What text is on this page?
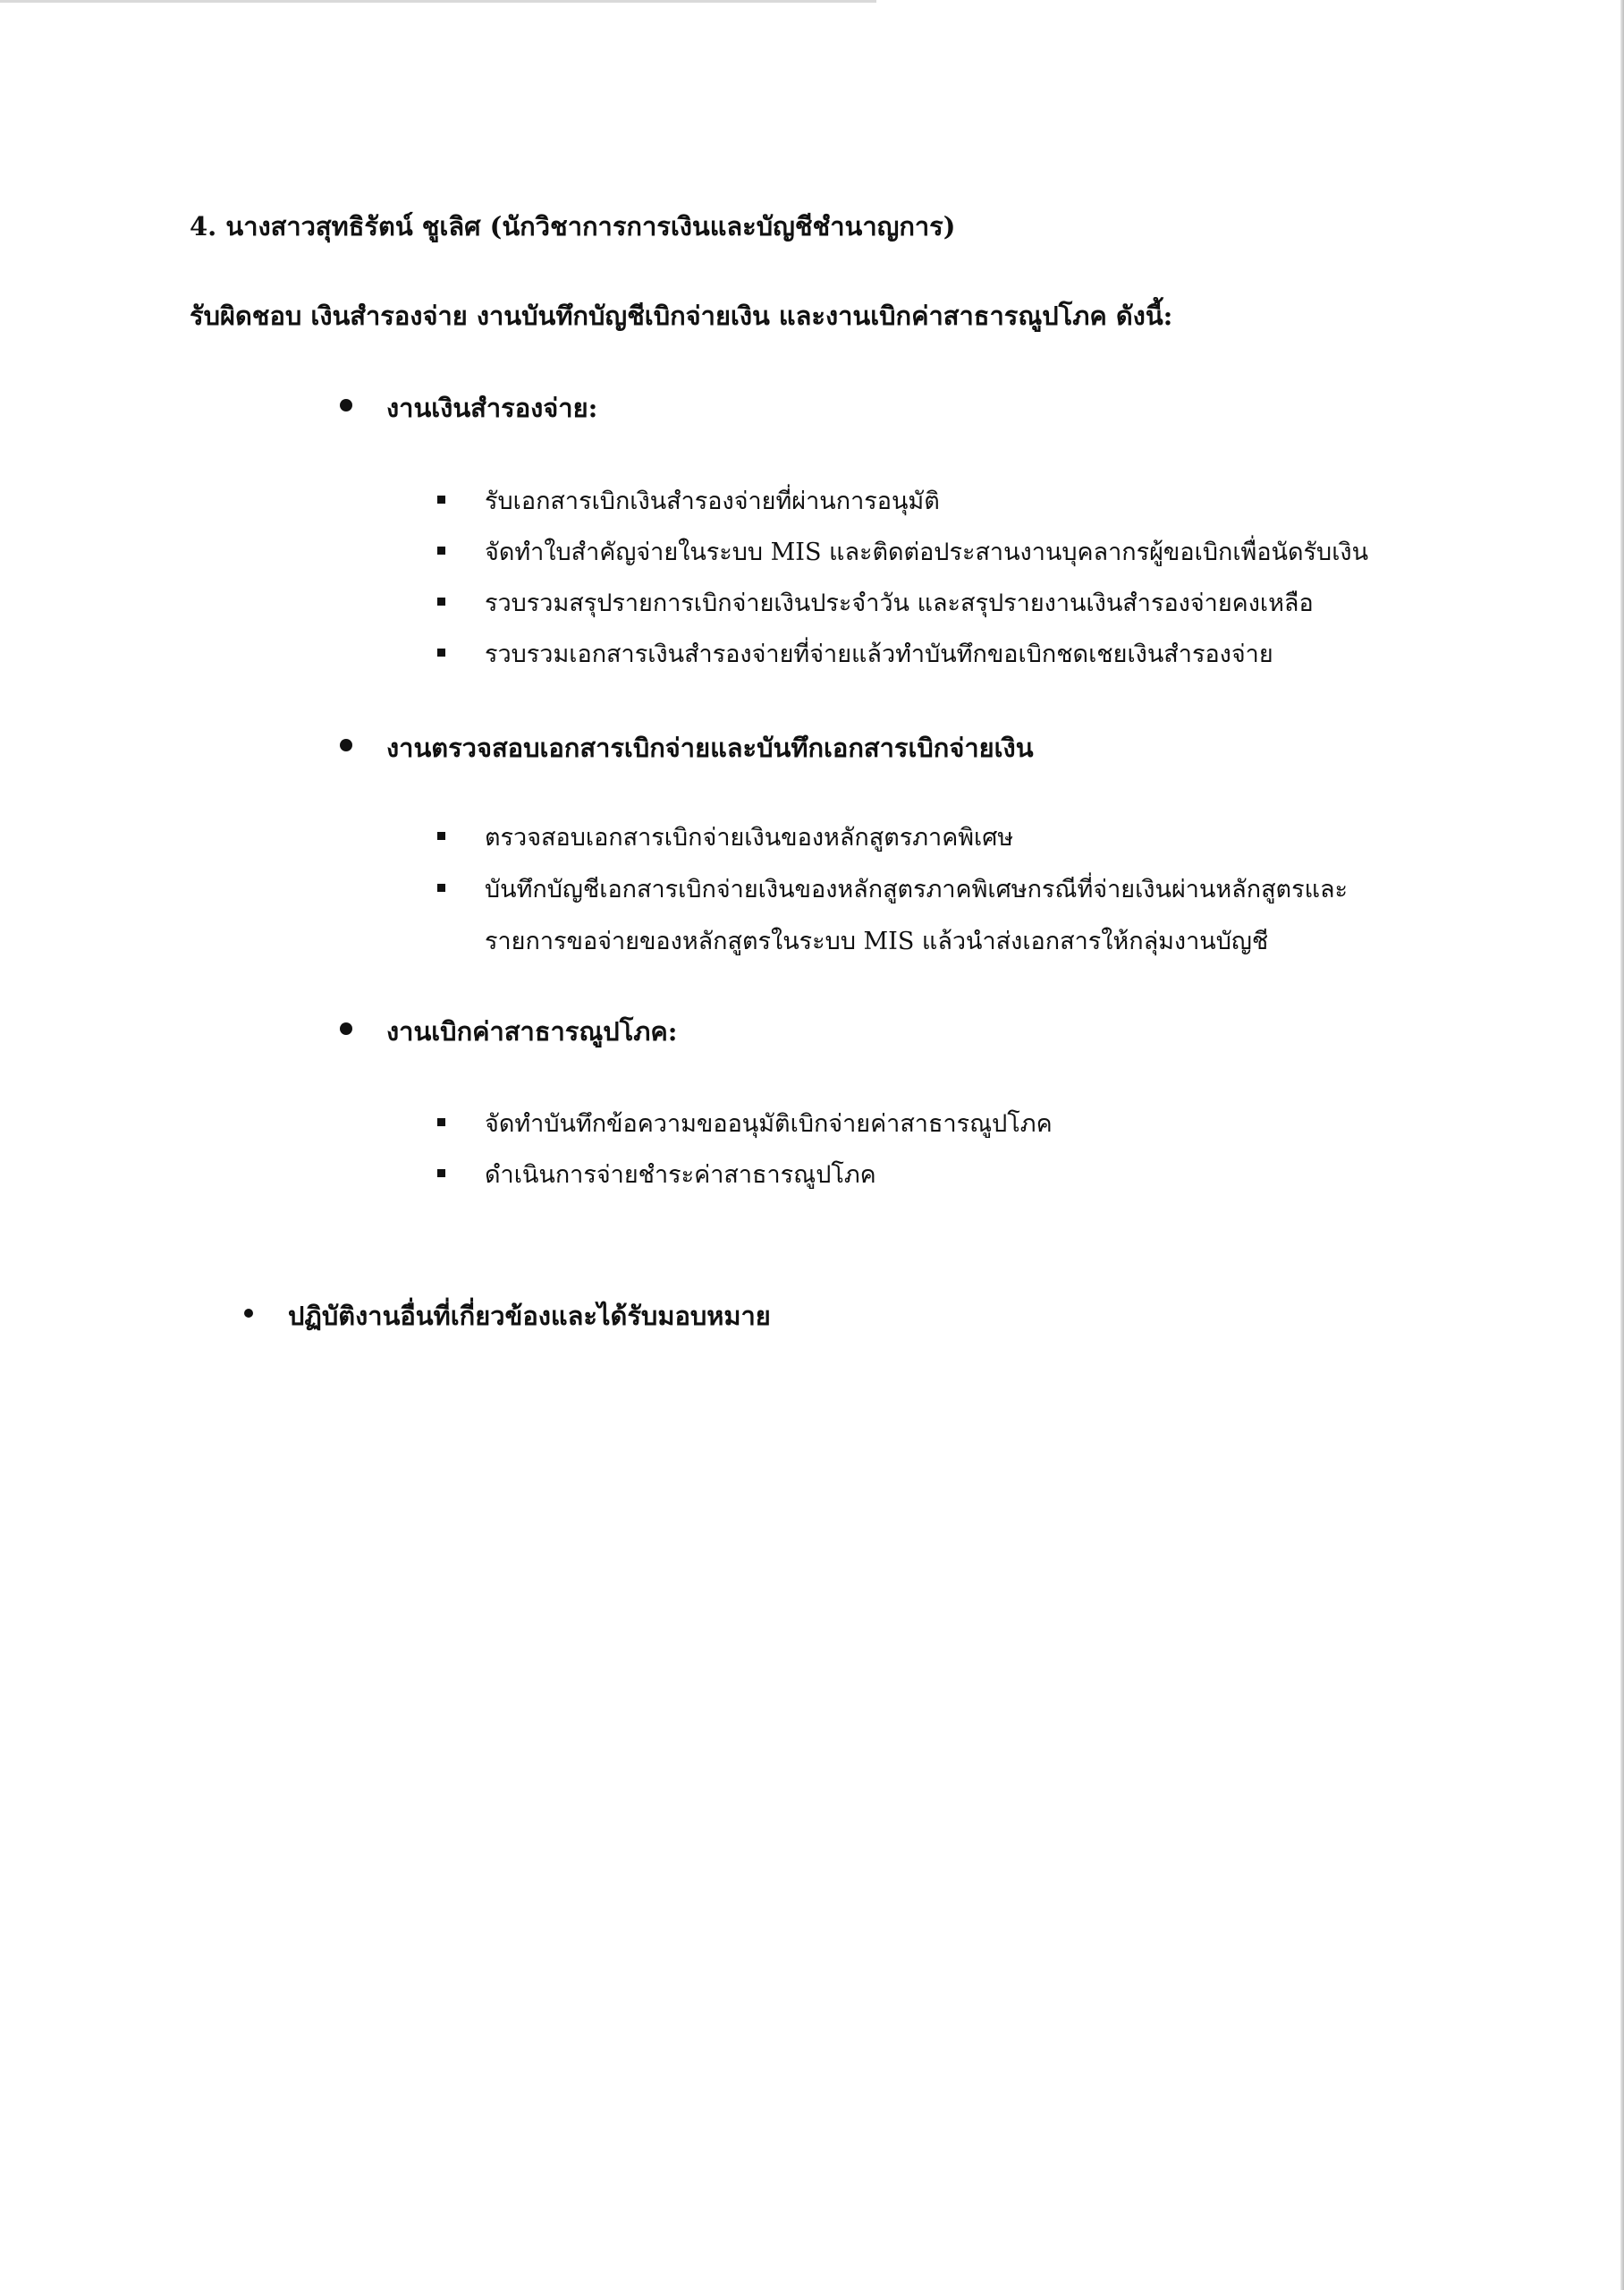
4. นางสาวสุทธิรัตน์ ชูเลิศ (นักวิชาการการเงินและบัญชีชำนาญการ)
รับผิดชอบ เงินสำรองจ่าย งานบันทึกบัญชีเบิกจ่ายเงิน และงานเบิกค่าสาธารณูปโภค ดังนี้:
งานเงินสำรองจ่าย:
รับเอกสารเบิกเงินสำรองจ่ายที่ผ่านการอนุมัติ
จัดทำใบสำคัญจ่ายในระบบ MIS และติดต่อประสานงานบุคลากรผู้ขอเบิกเพื่อนัดรับเงิน
รวบรวมสรุปรายการเบิกจ่ายเงินประจำวัน และสรุปรายงานเงินสำรองจ่ายคงเหลือ
รวบรวมเอกสารเงินสำรองจ่ายที่จ่ายแล้วทำบันทึกขอเบิกชดเชยเงินสำรองจ่าย
งานตรวจสอบเอกสารเบิกจ่ายและบันทึกเอกสารเบิกจ่ายเงิน
ตรวจสอบเอกสารเบิกจ่ายเงินของหลักสูตรภาคพิเศษ
บันทึกบัญชีเอกสารเบิกจ่ายเงินของหลักสูตรภาคพิเศษกรณีที่จ่ายเงินผ่านหลักสูตรและ
รายการขอจ่ายของหลักสูตรในระบบ MIS แล้วนำส่งเอกสารให้กลุ่มงานบัญชี
งานเบิกค่าสาธารณูปโภค:
จัดทำบันทึกข้อความขออนุมัติเบิกจ่ายค่าสาธารณูปโภค
ดำเนินการจ่ายชำระค่าสาธารณูปโภค
ปฏิบัติงานอื่นที่เกี่ยวข้องและได้รับมอบหมาย
